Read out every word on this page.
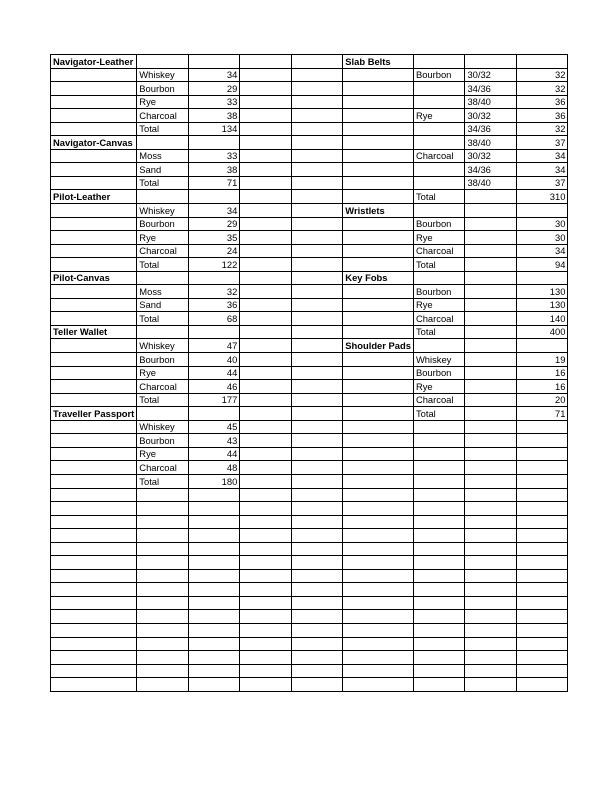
Navigator-Leather					Slab Belts			
	Whiskey	34				Bourbon	30/32	32
	Bourbon	29					34/36	32
	Rye	33					38/40	36
	Charcoal	38				Rye	30/32	36
	Total	134					34/36	32
Navigator-Canvas							38/40	37
	Moss	33				Charcoal	30/32	34
	Sand	38					34/36	34
	Total	71					38/40	37
Pilot-Leather						Total		310
	Whiskey	34			Wristlets			
	Bourbon	29				Bourbon		30
	Rye	35				Rye		30
	Charcoal	24				Charcoal		34
	Total	122				Total		94
Pilot-Canvas					Key Fobs			
	Moss	32				Bourbon		130
	Sand	36				Rye		130
	Total	68				Charcoal		140
Teller Wallet						Total		400
	Whiskey	47			Shoulder Pads			
	Bourbon	40				Whiskey		19
	Rye	44				Bourbon		16
	Charcoal	46				Rye		16
	Total	177				Charcoal		20
Traveller Passport						Total		71
	Whiskey	45						
	Bourbon	43						
	Rye	44						
	Charcoal	48						
	Total	180						
